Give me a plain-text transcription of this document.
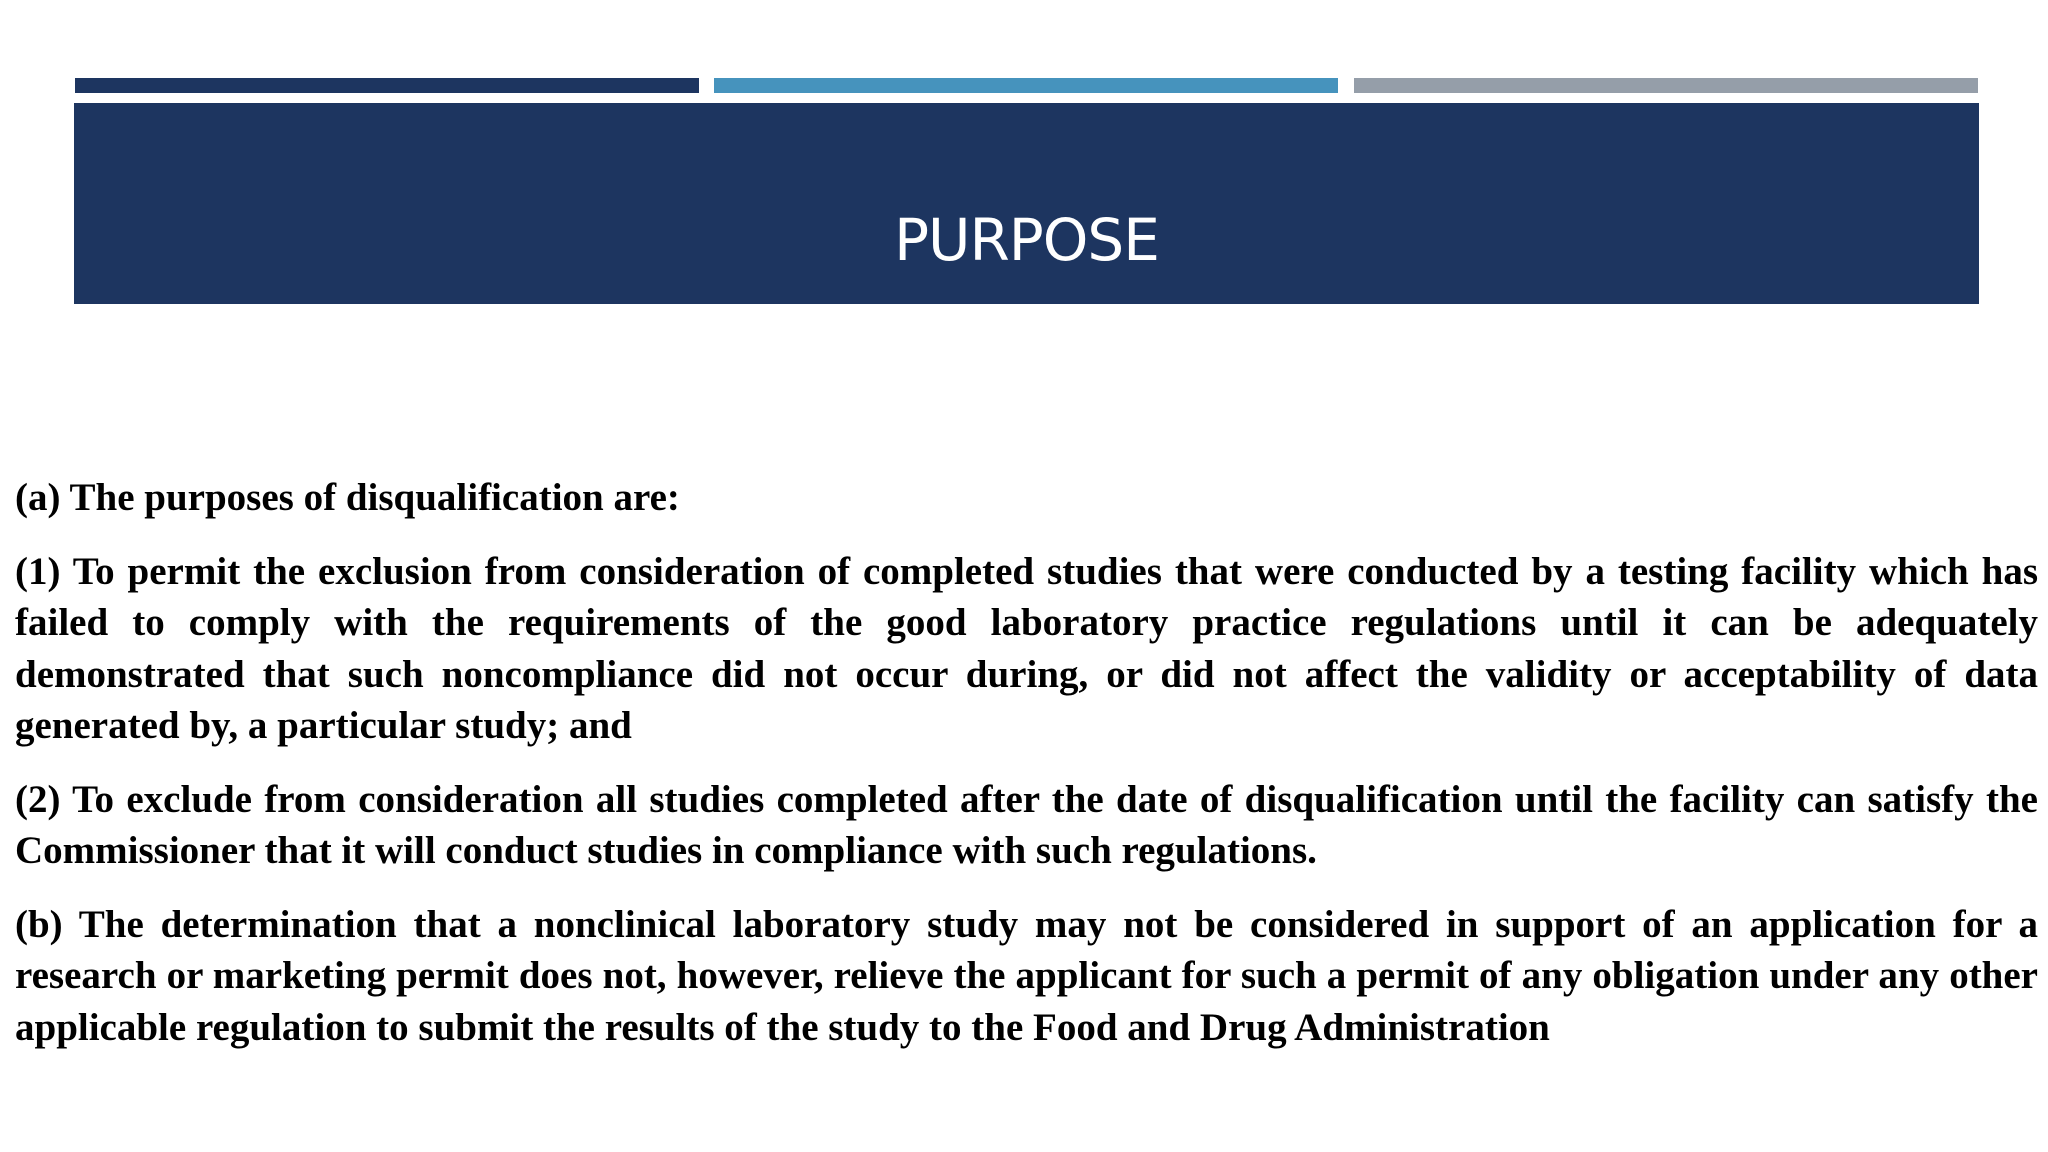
PURPOSE

(a) The purposes of disqualification are:

(1) To permit the exclusion from consideration of completed studies that were conducted by a testing facility which has failed to comply with the requirements of the good laboratory practice regulations until it can be adequately demonstrated that such noncompliance did not occur during, or did not affect the validity or acceptability of data generated by, a particular study; and

(2) To exclude from consideration all studies completed after the date of disqualification until the facility can satisfy the Commissioner that it will conduct studies in compliance with such regulations.

(b) The determination that a nonclinical laboratory study may not be considered in support of an application for a research or marketing permit does not, however, relieve the applicant for such a permit of any obligation under any other applicable regulation to submit the results of the study to the Food and Drug Administration
